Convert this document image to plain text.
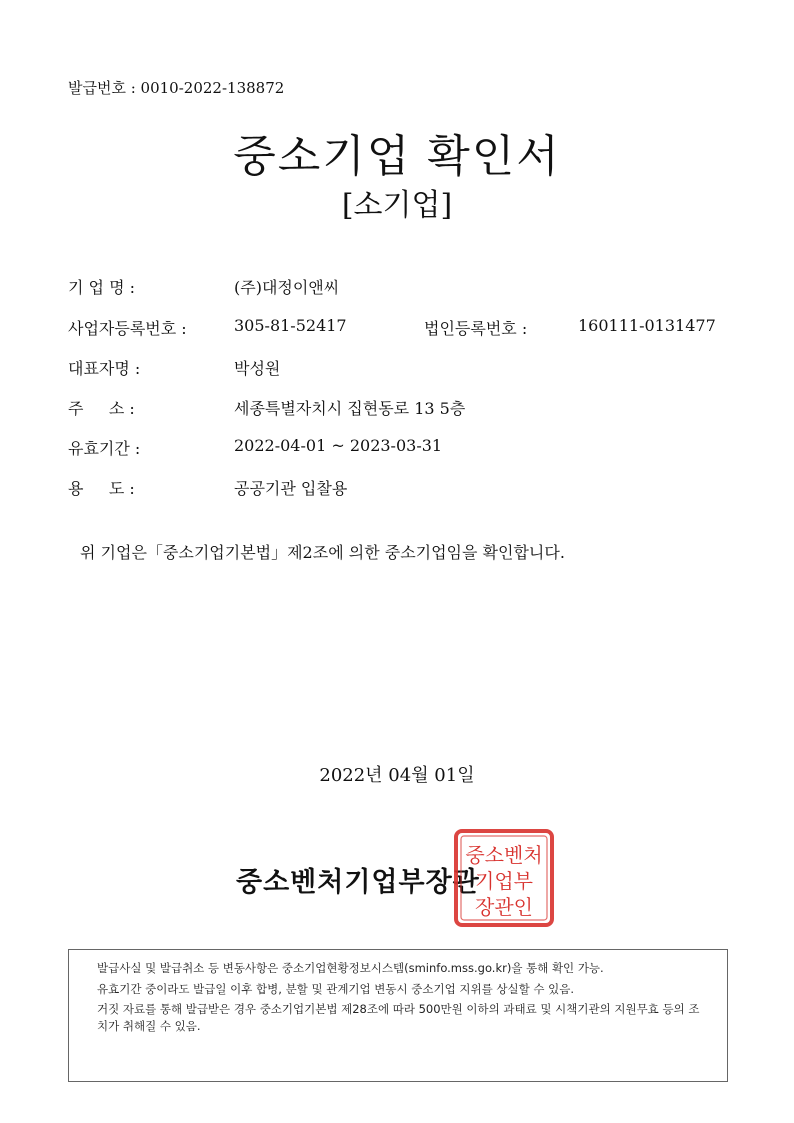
발급번호 : 0010-2022-138872
중소기업 확인서
[소기업]
기 업 명 :	(주)대정이앤씨
사업자등록번호 :	305-81-52417	법인등록번호 :	160111-0131477
대표자명 :	박성원
주     소 :	세종특별자치시 집현동로 13 5층
유효기간 :	2022-04-01 ~ 2023-03-31
용     도 :	공공기관 입찰용
위 기업은「중소기업기본법」제2조에 의한 중소기업임을 확인합니다.
2022년 04월 01일
중소벤처기업부장관
중소벤처
기업부
장관인

발급사실 및 발급취소 등 변동사항은 중소기업현황정보시스템(sminfo.mss.go.kr)을 통해 확인 가능.

유효기간 중이라도 발급일 이후 합병, 분할 및 관계기업 변동시 중소기업 지위를 상실할 수 있음.

거짓 자료를 통해 발급받은 경우 중소기업기본법 제28조에 따라 500만원 이하의 과태료 및 시책기관의 지원무효 등의 조치가 취해질 수 있음.
